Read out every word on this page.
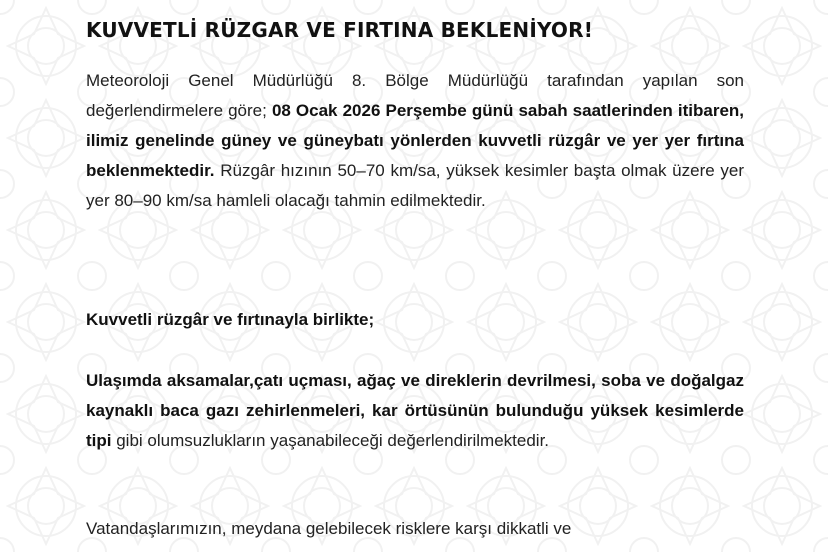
KUVVETLİ RÜZGAR VE FIRTINA BEKLENİYOR!
Meteoroloji Genel Müdürlüğü 8. Bölge Müdürlüğü tarafından yapılan son değerlendirmelere göre; 08 Ocak 2026 Perşembe günü sabah saatlerinden itibaren, ilimiz genelinde güney ve güneybatı yönlerden kuvvetli rüzgâr ve yer yer fırtına beklenmektedir. Rüzgâr hızının 50–70 km/sa, yüksek kesimler başta olmak üzere yer yer 80–90 km/sa hamleli olacağı tahmin edilmektedir.
Kuvvetli rüzgâr ve fırtınayla birlikte;
Ulaşımda aksamalar,çatı uçması, ağaç ve direklerin devrilmesi, soba ve doğalgaz kaynaklı baca gazı zehirlenmeleri, kar örtüsünün bulunduğu yüksek kesimlerde tipi gibi olumsuzlukların yaşanabileceği değerlendirilmektedir.
Vatandaşlarımızın, meydana gelebilecek risklere karşı dikkatli ve
